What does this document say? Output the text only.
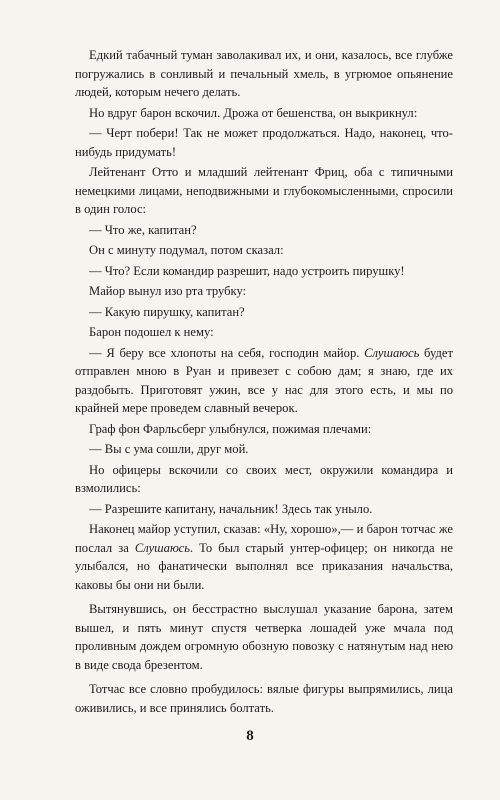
Едкий табачный туман заволакивал их, и они, казалось, все глубже погружались в сонливый и печальный хмель, в угрюмое опьянение людей, которым нечего делать.

Но вдруг барон вскочил. Дрожа от бешенства, он выкрикнул:

— Черт побери! Так не может продолжаться. Надо, наконец, что-нибудь придумать!

Лейтенант Отто и младший лейтенант Фриц, оба с типичными немецкими лицами, неподвижными и глубокомысленными, спросили в один голос:

— Что же, капитан?

Он с минуту подумал, потом сказал:

— Что? Если командир разрешит, надо устроить пирушку!

Майор вынул изо рта трубку:

— Какую пирушку, капитан?

Барон подошел к нему:

— Я беру все хлопоты на себя, господин майор. Слушаюсь будет отправлен мною в Руан и привезет с собою дам; я знаю, где их раздобыть. Приготовят ужин, все у нас для этого есть, и мы по крайней мере проведем славный вечерок.

Граф фон Фарльсберг улыбнулся, пожимая плечами:

— Вы с ума сошли, друг мой.

Но офицеры вскочили со своих мест, окружили командира и взмолились:

— Разрешите капитану, начальник! Здесь так уныло.

Наконец майор уступил, сказав: «Ну, хорошо»,— и барон тотчас же послал за Слушаюсь. То был старый унтер-офицер; он никогда не улыбался, но фанатически выполнял все приказания начальства, каковы бы они ни были.

Вытянувшись, он бесстрастно выслушал указание барона, затем вышел, и пять минут спустя четверка лошадей уже мчала под проливным дождем огромную обозную повозку с натянутым над нею в виде свода брезентом.

Тотчас все словно пробудилось: вялые фигуры выпрямились, лица оживились, и все принялись болтать.

8
